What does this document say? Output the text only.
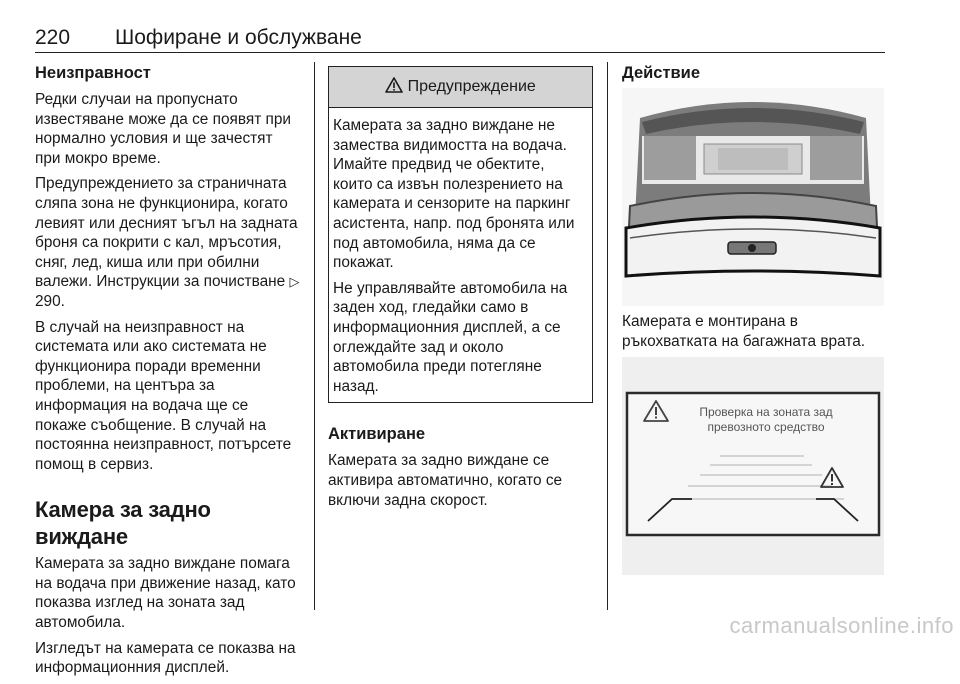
220 Шофиране и обслужване
Неизправност

Редки случаи на пропуснато известяване може да се появят при нормално условия и ще зачестят при мокро време.

Предупреждението за страничната сляпа зона не функционира, когато левият или десният ъгъл на задната броня са покрити с кал, мръсотия, сняг, лед, киша или при обилни валежи. Инструкции за почистване ▷ 290.

В случай на неизправност на системата или ако системата не функционира поради временни проблеми, на центъра за информация на водача ще се покаже съобщение. В случай на постоянна неизправност, потърсете помощ в сервиз.

Камера за задно виждане

Камерата за задно виждане помага на водача при движение назад, като показва изглед на зоната зад автомобила.

Изгледът на камерата се показва на информационния дисплей.

Предупреждение

Камерата за задно виждане не замества видимостта на водача. Имайте предвид че обектите, които са извън полезрението на камерата и сензорите на паркинг асистента, напр. под бронята или под автомобила, няма да се покажат.

Не управлявайте автомобила на заден ход, гледайки само в информационния дисплей, а се оглеждайте зад и около автомобила преди потегляне назад.

Активиране

Камерата за задно виждане се активира автоматично, когато се включи задна скорост.

Действие

Камерата е монтирана в ръкохватката на багажната врата.

Проверка на зоната зад
превозното средство
carmanualsonline.info
